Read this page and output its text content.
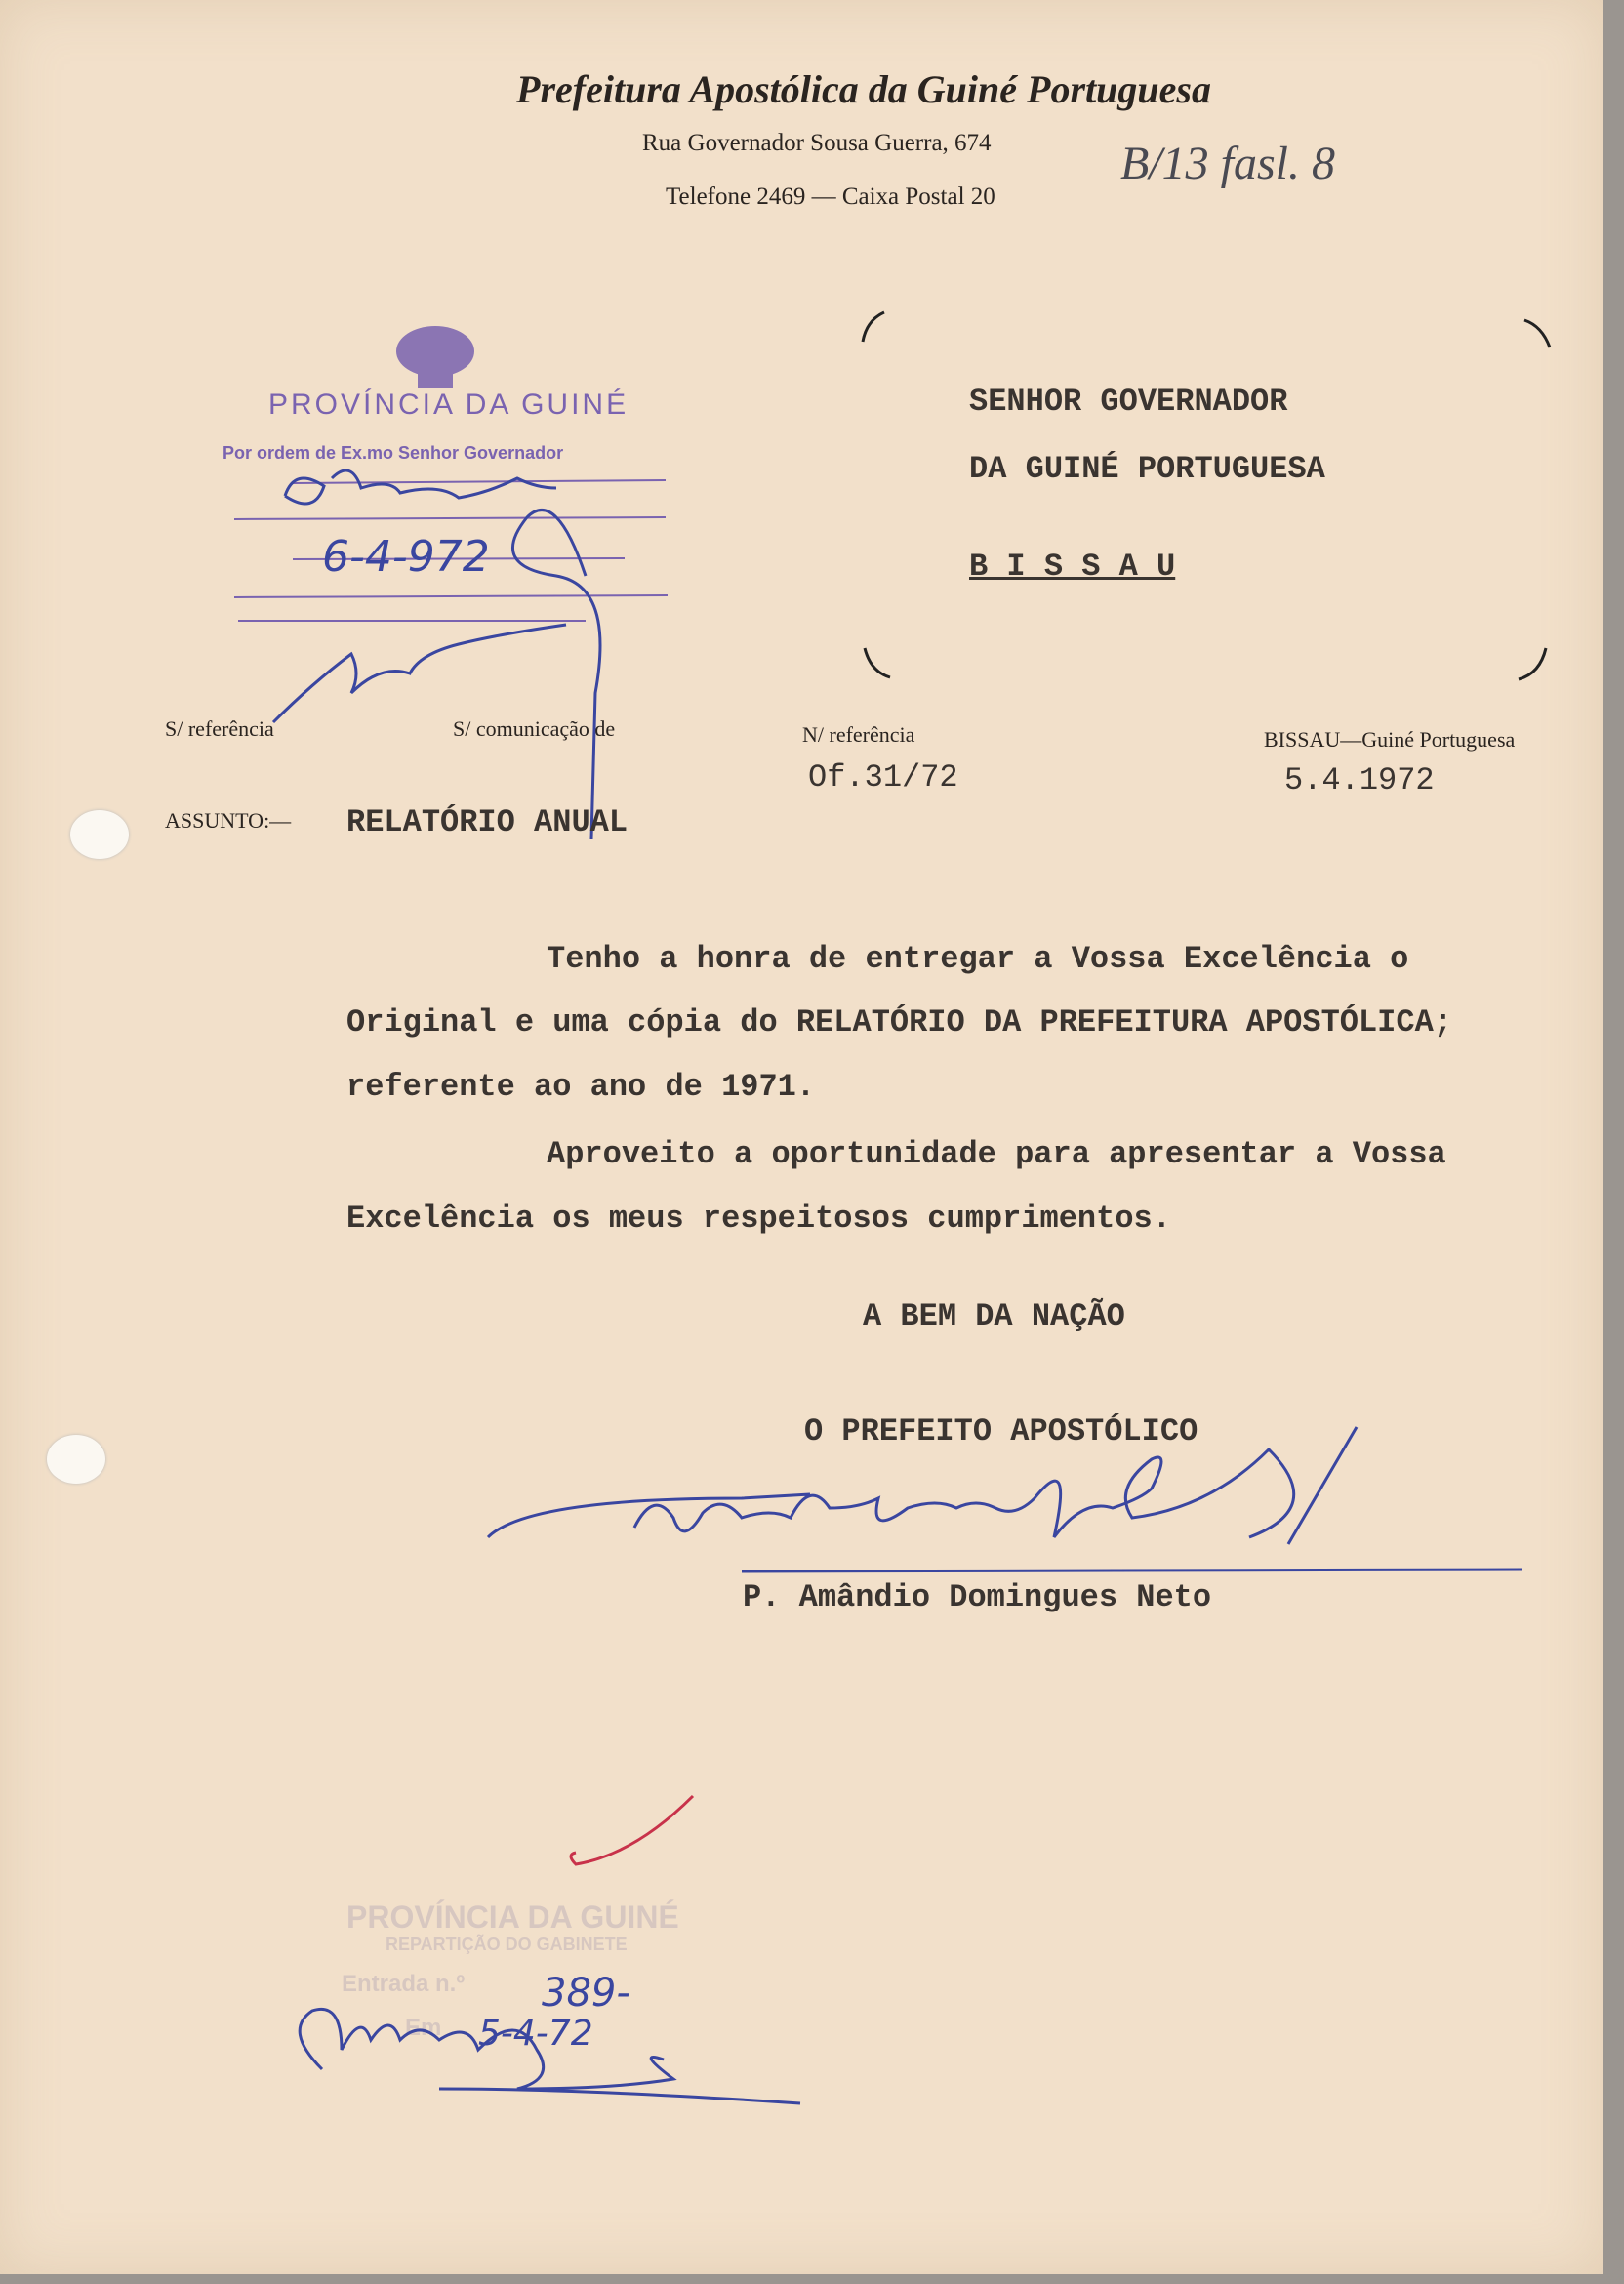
Prefeitura Apostólica da Guiné Portuguesa
Rua Governador Sousa Guerra, 674
Telefone 2469 — Caixa Postal 20
B/13 fasl. 8
SENHOR GOVERNADOR
DA GUINÉ PORTUGUESA
B I S S A U
PROVÍNCIA DA GUINÉ
Por ordem de Ex.mo Senhor Governador
6-4-972
S/ referência	S/ comunicação de	N/ referência
Of.31/72
BISSAU—Guiné Portuguesa
5.4.1972
ASSUNTO:— RELATÓRIO ANUAL
Tenho a honra de entregar a Vossa Excelência o
Original e uma cópia do RELATÓRIO DA PREFEITURA APOSTÓLICA;
referente ao ano de 1971.
Aproveito a oportunidade para apresentar a Vossa
Excelência os meus respeitosos cumprimentos.
A BEM DA NAÇÃO
O PREFEITO APOSTÓLICO
P. Amândio Domingues Neto
PROVÍNCIA DA GUINÉ
REPARTIÇÃO DO GABINETE
Entrada n.º
Em
389-
5-4-72
